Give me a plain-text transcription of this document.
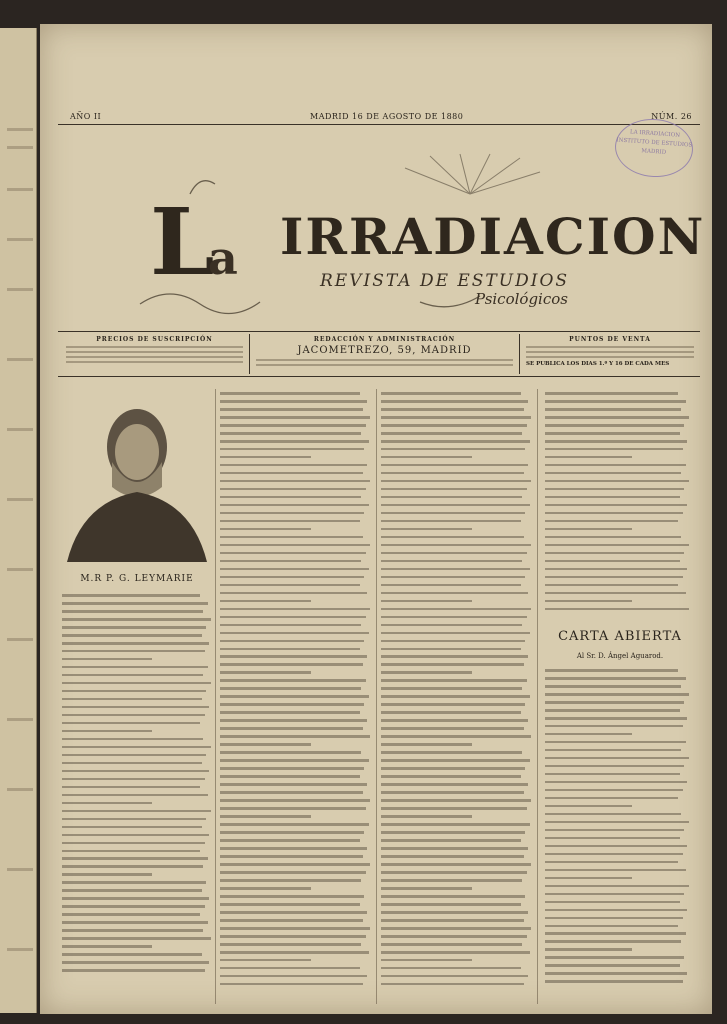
AÑO II	MADRID 16 DE AGOSTO DE 1880	NÚM. 26
LA IRRADIACION
INSTITUTO DE ESTUDIOS
MADRID
L
a IRRADIACION
REVISTA DE ESTUDIOS
Psicológicos
PRECIOS DE SUSCRIPCIÓN	REDACCIÓN Y ADMINISTRACIÓN
JACOMETREZO, 59, MADRID
PUNTOS DE VENTA
SE PUBLICA LOS DIAS 1.º Y 16 DE CADA MES
M.R P. G. LEYMARIE
CARTA ABIERTA
Al Sr. D. Ángel Aguarod.
